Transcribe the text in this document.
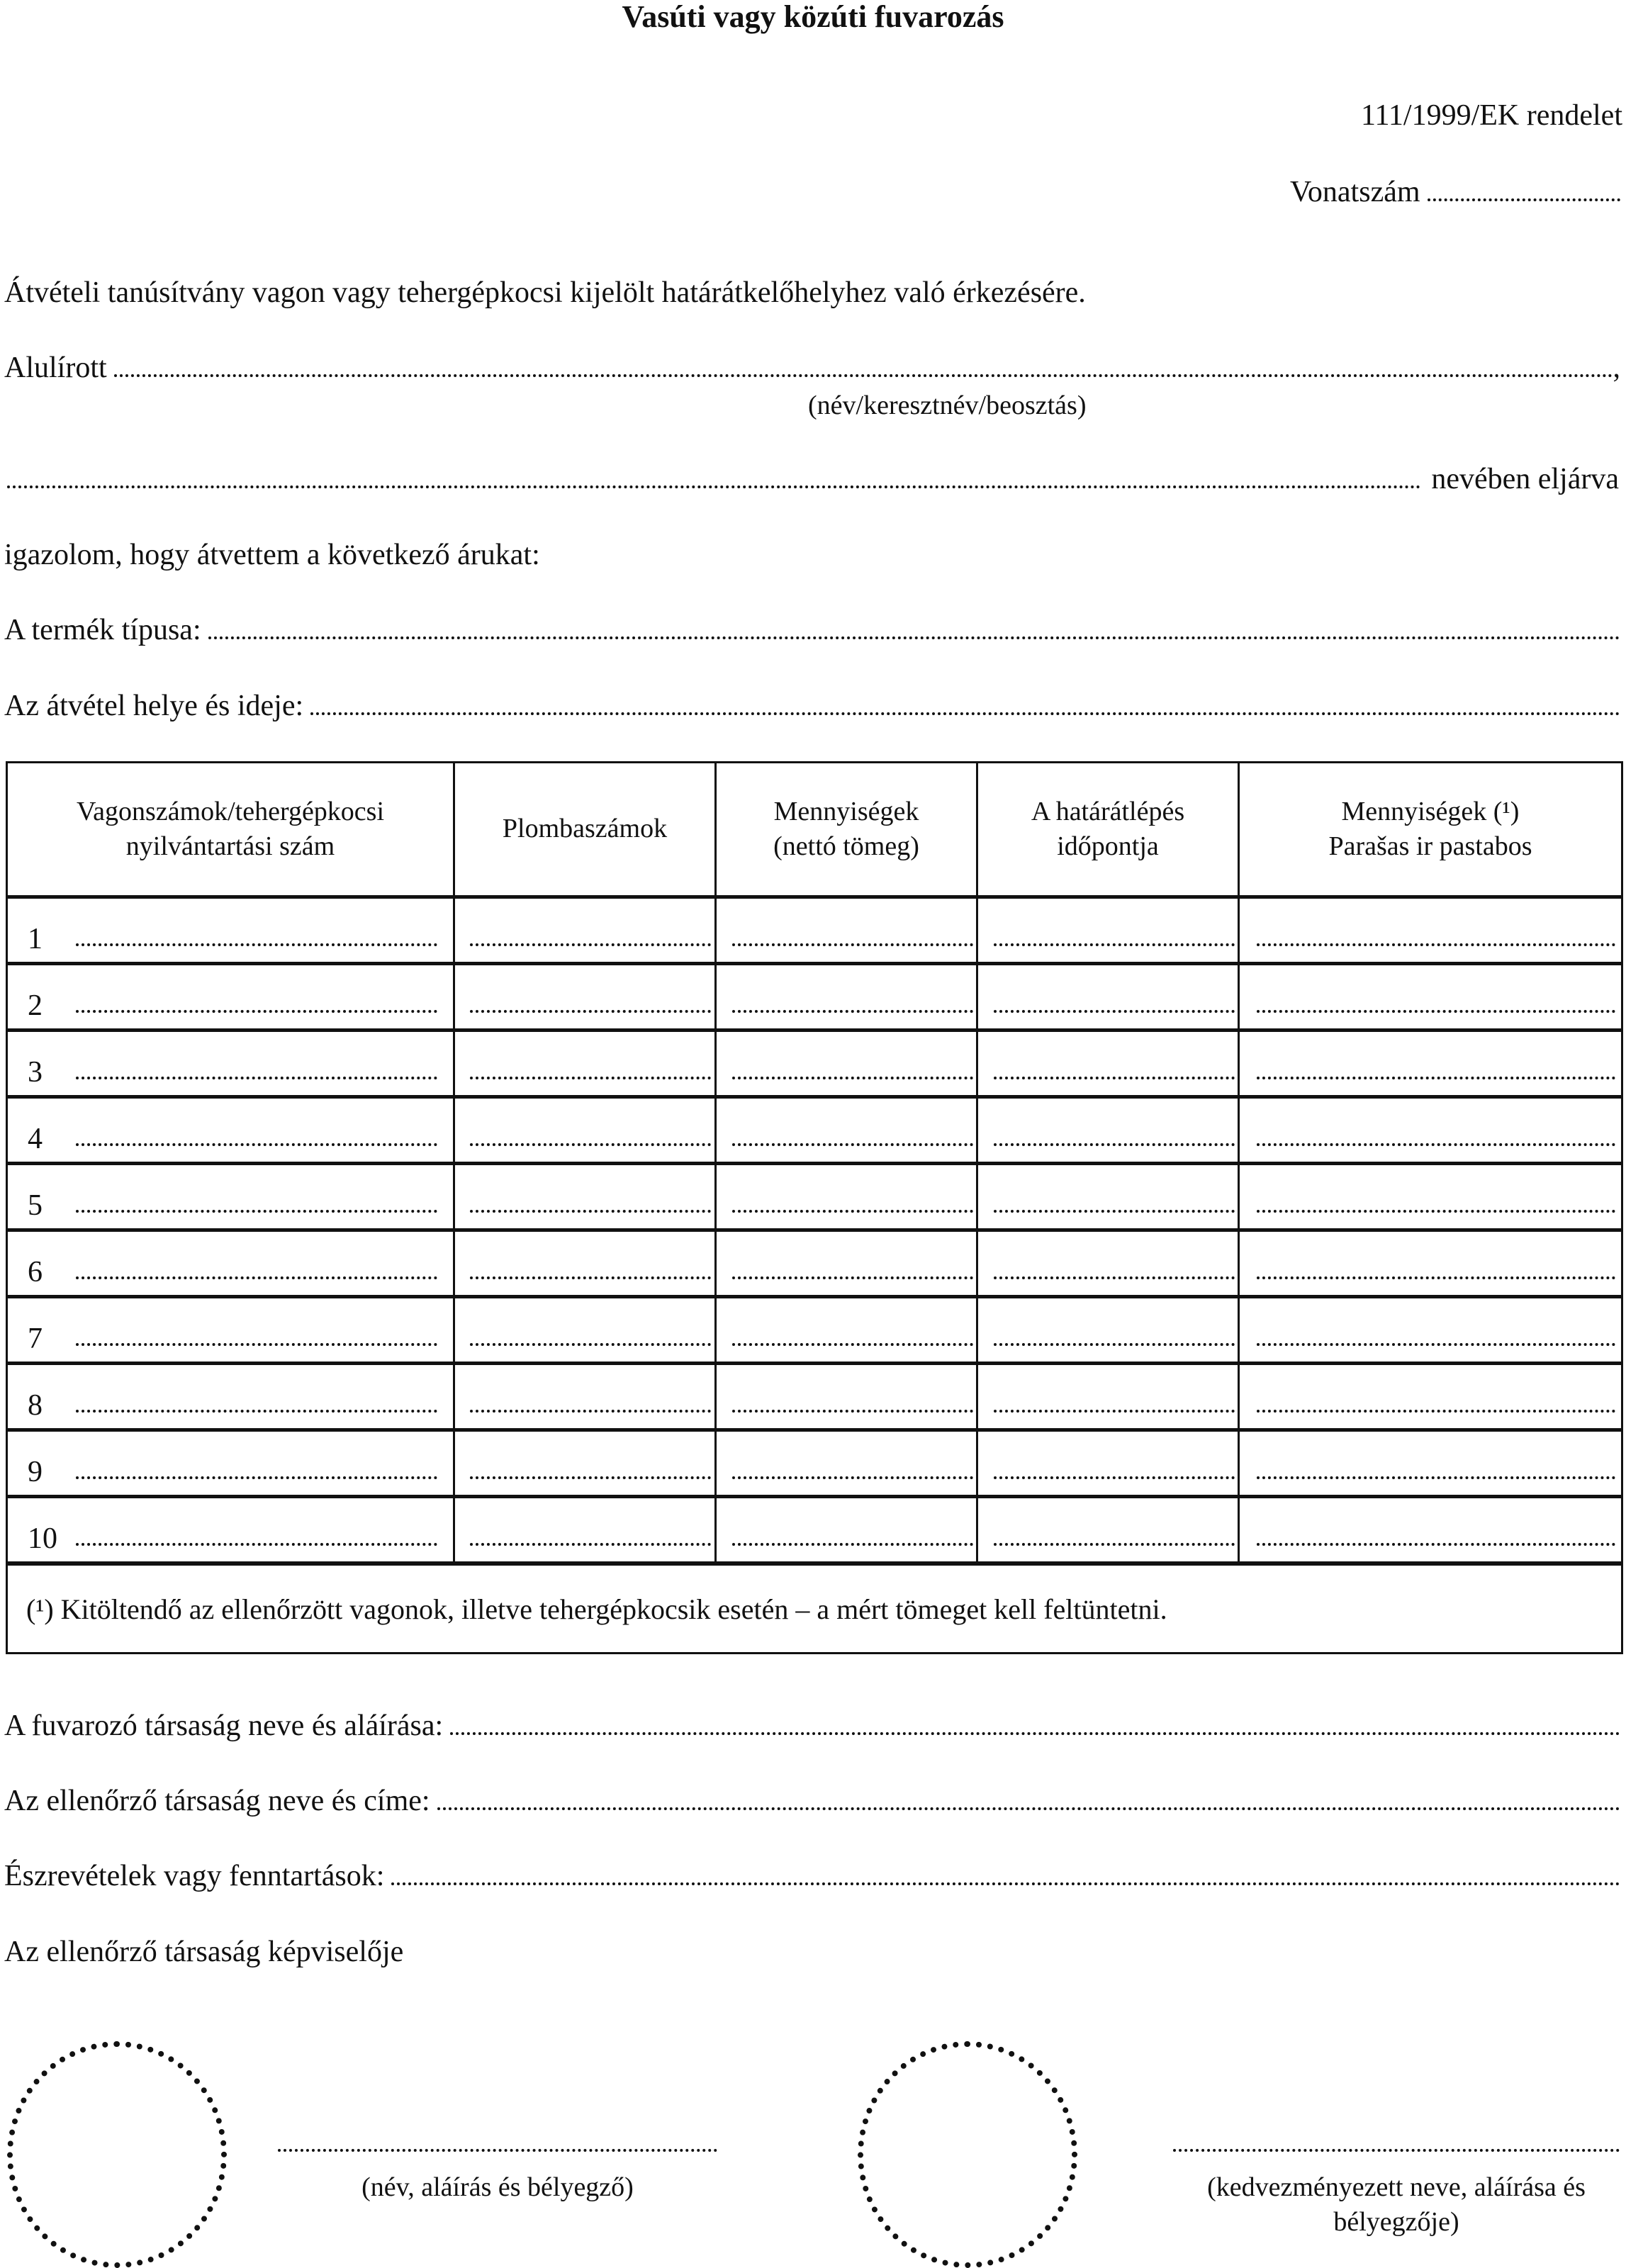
Vasúti vagy közúti fuvarozás
111/1999/EK rendelet
Vonatszám
Átvételi tanúsítvány vagon vagy tehergépkocsi kijelölt határátkelőhelyhez való érkezésére.
Alulírott	,
(név/keresztnév/beosztás)
nevében eljárva
igazolom, hogy átvettem a következő árukat:
A termék típusa:
Az átvétel helye és ideje:
Vagonszámok/tehergépkocsi
nyilvántartási szám
Plombaszámok
Mennyiségek
(nettó tömeg)
A határátlépés
időpontja
Mennyiségek (¹)
Parašas ir pastabos
1
2
3
4
5
6
7
8
9
10
(¹) Kitöltendő az ellenőrzött vagonok, illetve tehergépkocsik esetén – a mért tömeget kell feltüntetni.
A fuvarozó társaság neve és aláírása:
Az ellenőrző társaság neve és címe:
Észrevételek vagy fenntartások:
Az ellenőrző társaság képviselője
(név, aláírás és bélyegző)	(kedvezményezett neve, aláírása és
bélyegzője)
